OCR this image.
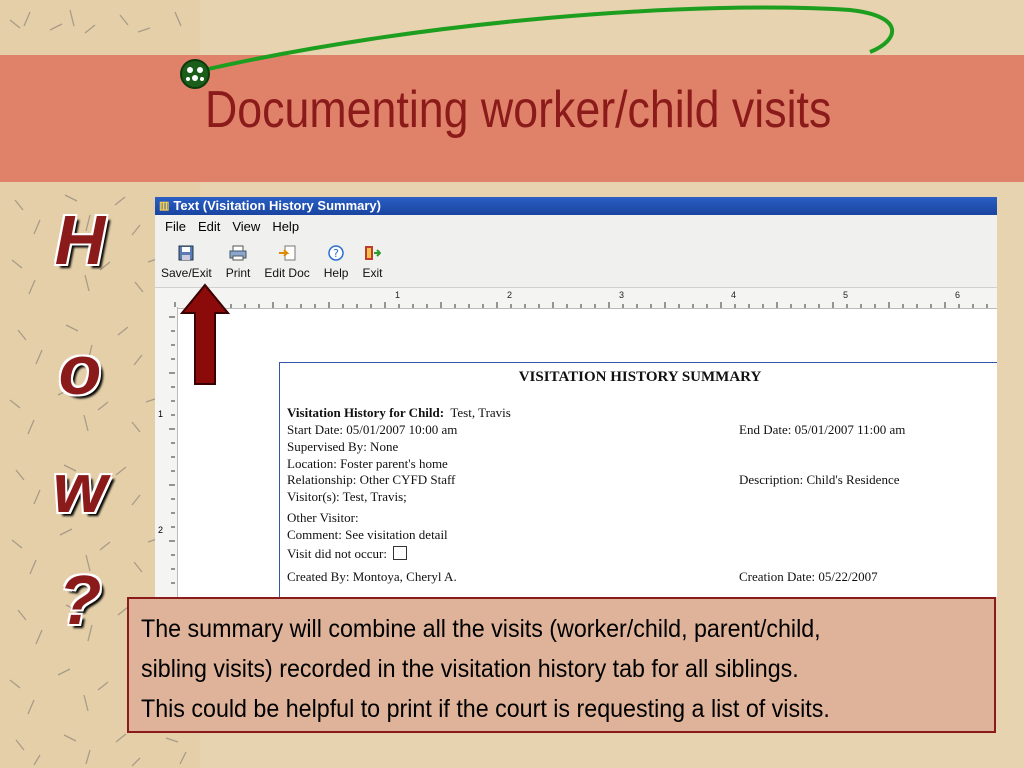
Documenting worker/child visits
H
o
w
?
▥ Text (Visitation History Summary)
File Edit View Help
Save/Exit Print Edit Doc
?
Help Exit
1	2	3	4	5	6
1
2
VISITATION HISTORY SUMMARY
Visitation History for Child: Test, Travis
Start Date: 05/01/2007 10:00 am	End Date: 05/01/2007 11:00 am
Supervised By: None
Location: Foster parent's home
Relationship: Other CYFD Staff	Description: Child's Residence
Visitor(s): Test, Travis;
Other Visitor:
Comment: See visitation detail
Visit did not occur:
Created By: Montoya, Cheryl A.	Creation Date: 05/22/2007
The summary will combine all the visits (worker/child, parent/child,
sibling visits) recorded in the visitation history tab for all siblings.
This could be helpful to print if the court is requesting a list of visits.
